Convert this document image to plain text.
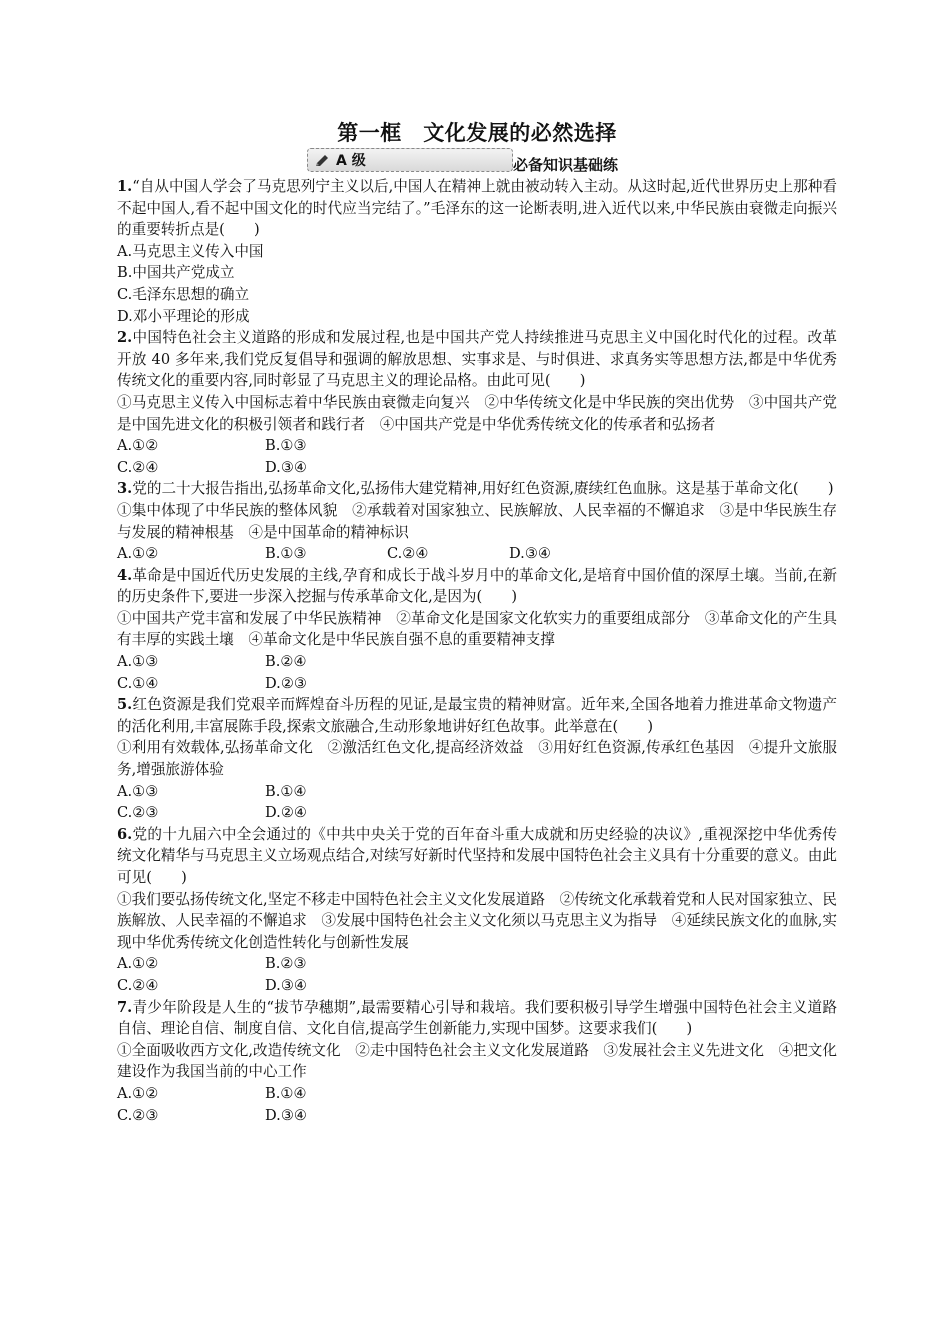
第一框　文化发展的必然选择
A 级	必备知识基础练
1.“自从中国人学会了马克思列宁主义以后,中国人在精神上就由被动转入主动。从这时起,近代世界历史上那种看不起中国人,看不起中国文化的时代应当完结了。”毛泽东的这一论断表明,进入近代以来,中华民族由衰微走向振兴的重要转折点是(　　)
A.马克思主义传入中国
B.中国共产党成立
C.毛泽东思想的确立
D.邓小平理论的形成
2.中国特色社会主义道路的形成和发展过程,也是中国共产党人持续推进马克思主义中国化时代化的过程。改革开放 40 多年来,我们党反复倡导和强调的解放思想、实事求是、与时俱进、求真务实等思想方法,都是中华优秀传统文化的重要内容,同时彰显了马克思主义的理论品格。由此可见(　　)
①马克思主义传入中国标志着中华民族由衰微走向复兴　②中华传统文化是中华民族的突出优势　③中国共产党是中国先进文化的积极引领者和践行者　④中国共产党是中华优秀传统文化的传承者和弘扬者
A.①②	B.①③
C.②④	D.③④
3.党的二十大报告指出,弘扬革命文化,弘扬伟大建党精神,用好红色资源,赓续红色血脉。这是基于革命文化(　　)
①集中体现了中华民族的整体风貌　②承载着对国家独立、民族解放、人民幸福的不懈追求　③是中华民族生存与发展的精神根基　④是中国革命的精神标识
A.①②	B.①③	C.②④	D.③④
4.革命是中国近代历史发展的主线,孕育和成长于战斗岁月中的革命文化,是培育中国价值的深厚土壤。当前,在新的历史条件下,要进一步深入挖掘与传承革命文化,是因为(　　)
①中国共产党丰富和发展了中华民族精神　②革命文化是国家文化软实力的重要组成部分　③革命文化的产生具有丰厚的实践土壤　④革命文化是中华民族自强不息的重要精神支撑
A.①③	B.②④
C.①④	D.②③
5.红色资源是我们党艰辛而辉煌奋斗历程的见证,是最宝贵的精神财富。近年来,全国各地着力推进革命文物遗产的活化利用,丰富展陈手段,探索文旅融合,生动形象地讲好红色故事。此举意在(　　)
①利用有效载体,弘扬革命文化　②激活红色文化,提高经济效益　③用好红色资源,传承红色基因　④提升文旅服务,增强旅游体验
A.①③	B.①④
C.②③	D.②④
6.党的十九届六中全会通过的《中共中央关于党的百年奋斗重大成就和历史经验的决议》,重视深挖中华优秀传统文化精华与马克思主义立场观点结合,对续写好新时代坚持和发展中国特色社会主义具有十分重要的意义。由此可见(　　)
①我们要弘扬传统文化,坚定不移走中国特色社会主义文化发展道路　②传统文化承载着党和人民对国家独立、民族解放、人民幸福的不懈追求　③发展中国特色社会主义文化须以马克思主义为指导　④延续民族文化的血脉,实现中华优秀传统文化创造性转化与创新性发展
A.①②	B.②③
C.②④	D.③④
7.青少年阶段是人生的“拔节孕穗期”,最需要精心引导和栽培。我们要积极引导学生增强中国特色社会主义道路自信、理论自信、制度自信、文化自信,提高学生创新能力,实现中国梦。这要求我们(　　)
①全面吸收西方文化,改造传统文化　②走中国特色社会主义文化发展道路　③发展社会主义先进文化　④把文化建设作为我国当前的中心工作
A.①②	B.①④
C.②③	D.③④
